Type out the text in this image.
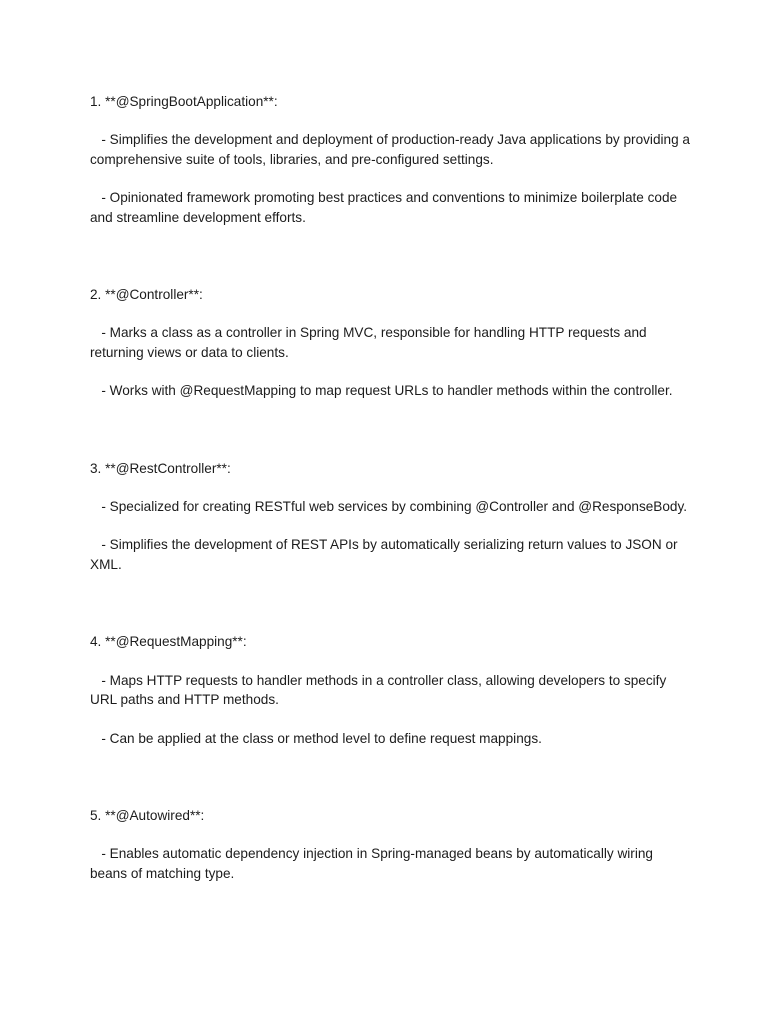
1. **@SpringBootApplication**:

- Simplifies the development and deployment of production-ready Java applications by providing a comprehensive suite of tools, libraries, and pre-configured settings.

- Opinionated framework promoting best practices and conventions to minimize boilerplate code and streamline development efforts.

2. **@Controller**:

- Marks a class as a controller in Spring MVC, responsible for handling HTTP requests and returning views or data to clients.

- Works with @RequestMapping to map request URLs to handler methods within the controller.

3. **@RestController**:

- Specialized for creating RESTful web services by combining @Controller and @ResponseBody.

- Simplifies the development of REST APIs by automatically serializing return values to JSON or XML.

4. **@RequestMapping**:

- Maps HTTP requests to handler methods in a controller class, allowing developers to specify URL paths and HTTP methods.

- Can be applied at the class or method level to define request mappings.

5. **@Autowired**:

- Enables automatic dependency injection in Spring-managed beans by automatically wiring beans of matching type.
